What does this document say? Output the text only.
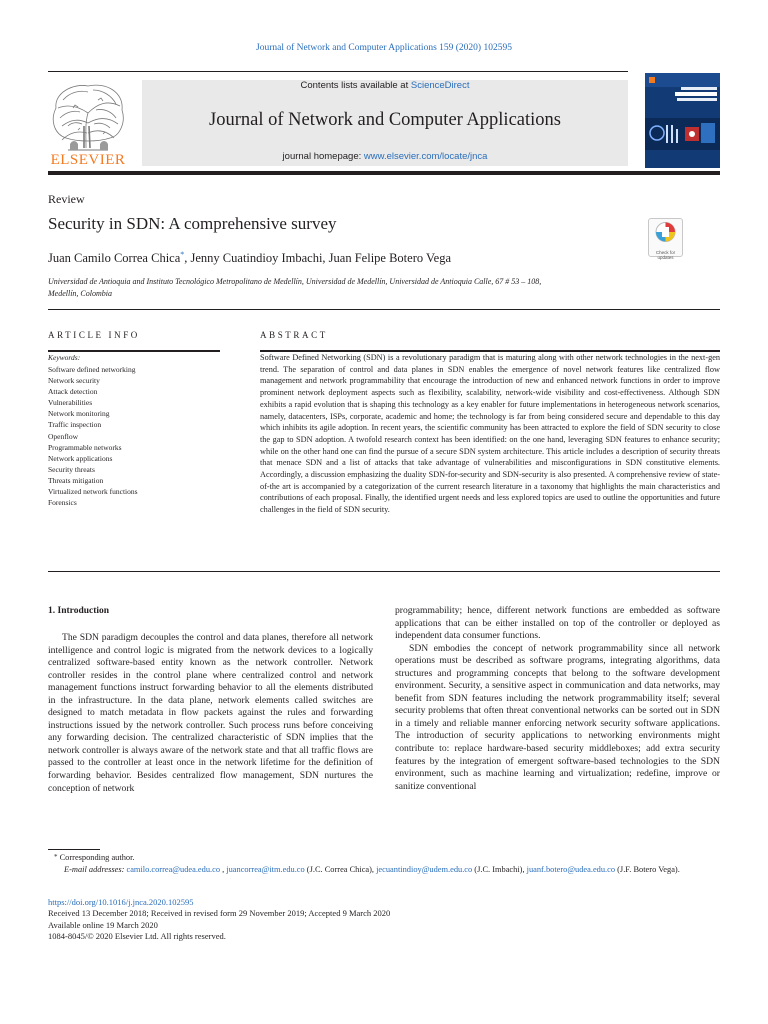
Journal of Network and Computer Applications 159 (2020) 102595
ELSEVIER
Contents lists available at ScienceDirect
Journal of Network and Computer Applications
journal homepage: www.elsevier.com/locate/jnca
Review
Security in SDN: A comprehensive survey
Check for updates
Juan Camilo Correa Chica*, Jenny Cuatindioy Imbachi, Juan Felipe Botero Vega
Universidad de Antioquia and Instituto Tecnológico Metropolitano de Medellín, Universidad de Medellín, Universidad de Antioquia Calle, 67 # 53 – 108,
Medellín, Colombia
ARTICLE INFO
Keywords:
Software defined networking
Network security
Attack detection
Vulnerabilities
Network monitoring
Traffic inspection
Openflow
Programmable networks
Network applications
Security threats
Threats mitigation
Virtualized network functions
Forensics
ABSTRACT
Software Defined Networking (SDN) is a revolutionary paradigm that is maturing along with other network technologies in the next-gen trend. The separation of control and data planes in SDN enables the emergence of novel network features like centralized flow management and network programmability that encourage the introduction of new and enhanced network functions in order to improve prominent network deployment aspects such as flexibility, scalability, network-wide visibility and cost-effectiveness. Although SDN exhibits a rapid evolution that is shaping this technology as a key enabler for future implementations in heterogeneous network scenarios, namely, datacenters, ISPs, corporate, academic and home; the technology is far from being considered secure and dependable to this day which inhibits its agile adoption. In recent years, the scientific community has been attracted to explore the field of SDN security to close the gap to SDN adoption. A twofold research context has been identified: on the one hand, leveraging SDN features to enhance security; while on the other hand one can find the pursue of a secure SDN system architecture. This article includes a description of security threats that menace SDN and a list of attacks that take advantage of vulnerabilities and misconfigurations in SDN constitutive elements. Accordingly, a discussion emphasizing the duality SDN-for-security and SDN-security is also presented. A comprehensive review of state-of-the art is accompanied by a categorization of the current research literature in a taxonomy that highlights the main characteristics and contributions of each proposal. Finally, the identified urgent needs and less explored topics are used to outline the opportunities and future challenges in the field of SDN security.
1. Introduction
The SDN paradigm decouples the control and data planes, therefore all network intelligence and control logic is migrated from the network devices to a logically centralized software-based entity known as the network controller. Network controller resides in the control plane where centralized control and network management functions instruct forwarding behavior to all the elements distributed in the infrastructure. In the data plane, network elements called switches are designed to match metadata in flow packets against the rules and forwarding instructions issued by the network controller. Such process runs before conceiving any forwarding decision. The centralized characteristic of SDN implies that the network controller is always aware of the network state and that all traffic flows are passed to the controller at least once in the network lifetime for the definition of forwarding behavior. Besides centralized flow management, SDN nurtures the conception of network
programmability; hence, different network functions are embedded as software applications that can be either installed on top of the controller or deployed as independent data consumer functions.
SDN embodies the concept of network programmability since all network operations must be described as software programs, integrating algorithms, data structures and programming concepts that belong to the software development environment. Security, a sensitive aspect in communication and data networks, may benefit from SDN features including the network programmability itself; several security problems that often threat conventional networks can be sorted out in SDN in a timely and reliable manner enforcing network security software applications. The introduction of security applications to networking environments might contribute to: replace hardware-based security middleboxes; add extra security features by the integration of emergent software-based technologies to the SDN environment, such as machine learning and virtualization; redefine, improve or sanitize conventional
* Corresponding author.
E-mail addresses: camilo.correa@udea.edu.co , juancorrea@itm.edu.co (J.C. Correa Chica), jecuantindioy@udem.edu.co (J.C. Imbachi), juanf.botero@udea.edu.co (J.F. Botero Vega).
https://doi.org/10.1016/j.jnca.2020.102595
Received 13 December 2018; Received in revised form 29 November 2019; Accepted 9 March 2020
Available online 19 March 2020
1084-8045/© 2020 Elsevier Ltd. All rights reserved.
